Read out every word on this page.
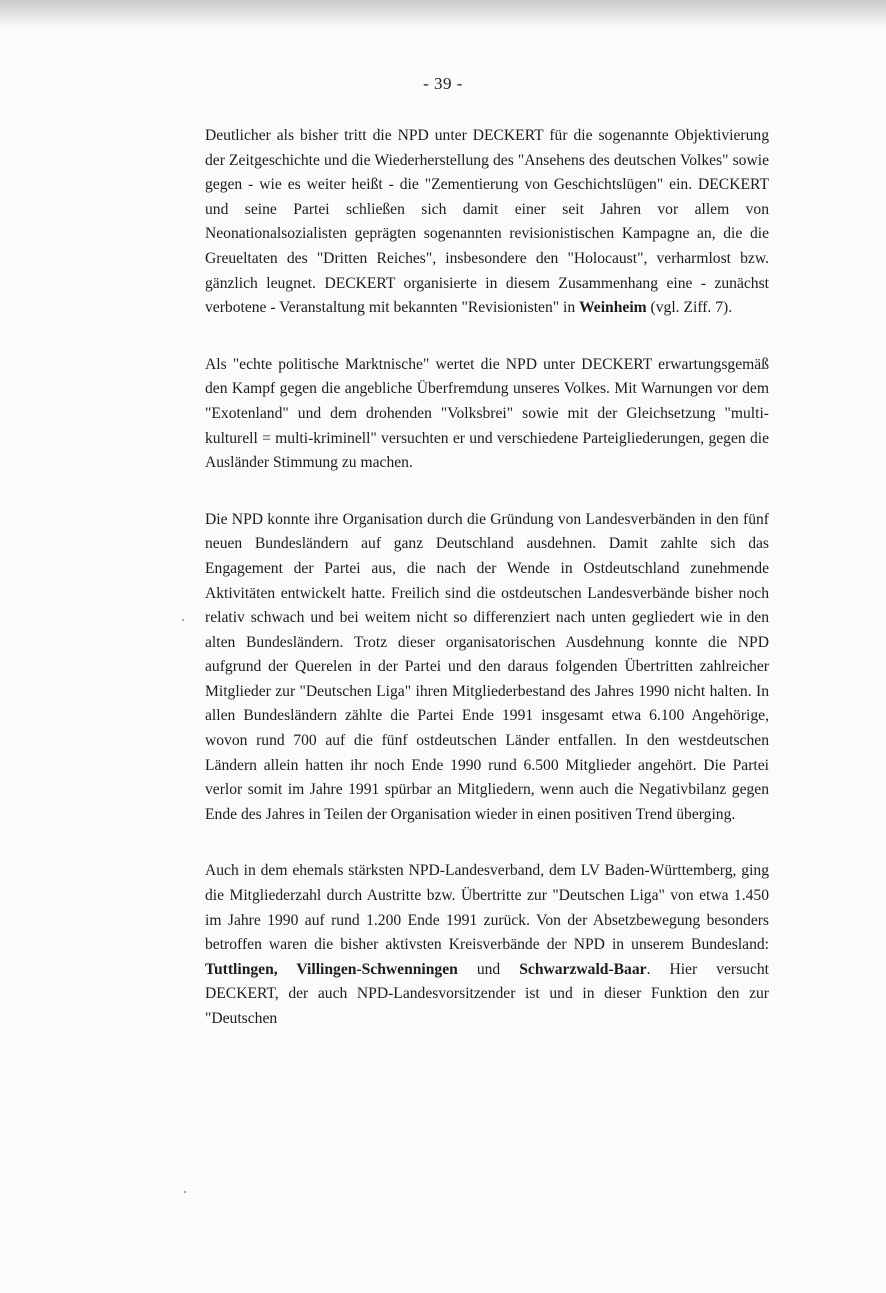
- 39 -

Deutlicher als bisher tritt die NPD unter DECKERT für die sogenannte Objektivierung der Zeitgeschichte und die Wiederherstellung des "Ansehens des deutschen Volkes" sowie gegen - wie es weiter heißt - die "Zementierung von Geschichtslügen" ein. DECKERT und seine Partei schließen sich damit einer seit Jahren vor allem von Neonationalsozialisten geprägten sogenannten revisionistischen Kampagne an, die die Greueltaten des "Dritten Reiches", insbesondere den "Holocaust", verharmlost bzw. gänzlich leugnet. DECKERT organisierte in diesem Zusammenhang eine - zunächst verbotene - Veranstaltung mit bekannten "Revisionisten" in Weinheim (vgl. Ziff. 7).

Als "echte politische Marktnische" wertet die NPD unter DECKERT erwartungsgemäß den Kampf gegen die angebliche Überfremdung unseres Volkes. Mit Warnungen vor dem "Exotenland" und dem drohenden "Volksbrei" sowie mit der Gleichsetzung "multi-kulturell = multi-kriminell" versuchten er und verschiedene Parteigliederungen, gegen die Ausländer Stimmung zu machen.

Die NPD konnte ihre Organisation durch die Gründung von Landesverbänden in den fünf neuen Bundesländern auf ganz Deutschland ausdehnen. Damit zahlte sich das Engagement der Partei aus, die nach der Wende in Ostdeutschland zunehmende Aktivitäten entwickelt hatte. Freilich sind die ostdeutschen Landesverbände bisher noch relativ schwach und bei weitem nicht so differenziert nach unten gegliedert wie in den alten Bundesländern. Trotz dieser organisatorischen Ausdehnung konnte die NPD aufgrund der Querelen in der Partei und den daraus folgenden Übertritten zahlreicher Mitglieder zur "Deutschen Liga" ihren Mitgliederbestand des Jahres 1990 nicht halten. In allen Bundesländern zählte die Partei Ende 1991 insgesamt etwa 6.100 Angehörige, wovon rund 700 auf die fünf ostdeutschen Länder entfallen. In den westdeutschen Ländern allein hatten ihr noch Ende 1990 rund 6.500 Mitglieder angehört. Die Partei verlor somit im Jahre 1991 spürbar an Mitgliedern, wenn auch die Negativbilanz gegen Ende des Jahres in Teilen der Organisation wieder in einen positiven Trend überging.

Auch in dem ehemals stärksten NPD-Landesverband, dem LV Baden-Württemberg, ging die Mitgliederzahl durch Austritte bzw. Übertritte zur "Deutschen Liga" von etwa 1.450 im Jahre 1990 auf rund 1.200 Ende 1991 zurück. Von der Absetzbewegung besonders betroffen waren die bisher aktivsten Kreisverbände der NPD in unserem Bundesland: Tuttlingen, Villingen-Schwenningen und Schwarzwald-Baar. Hier versucht DECKERT, der auch NPD-Landesvorsitzender ist und in dieser Funktion den zur "Deutschen
